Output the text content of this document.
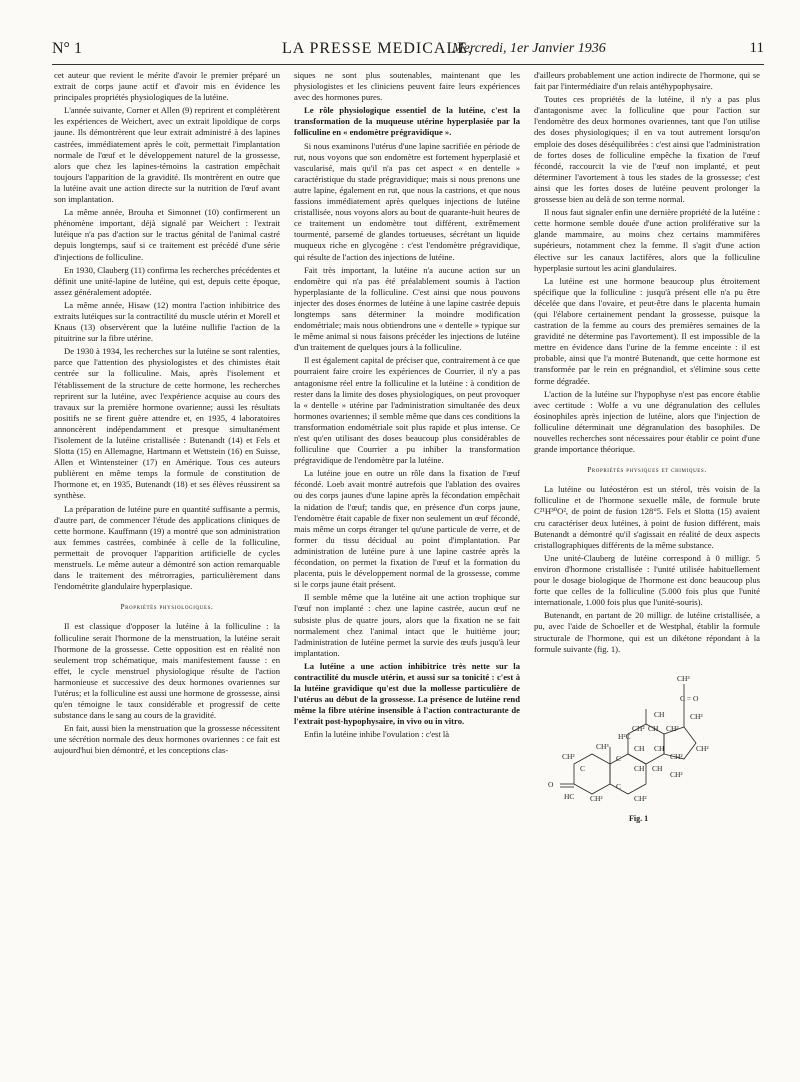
N° 1	LA PRESSE MEDICALE,
Mercredi, 1er Janvier 1936	11

cet auteur que revient le mérite d'avoir le premier préparé un extrait de corps jaune actif et d'avoir mis en évidence les principales propriétés physiologiques de la lutéine.

L'année suivante, Corner et Allen (9) reprirent et complétèrent les expériences de Weichert, avec un extrait lipoïdique de corps jaune. Ils démontrèrent que leur extrait administré à des lapines castrées, immédiatement après le coït, permettait l'implantation normale de l'œuf et le développement naturel de la grossesse, alors que chez les lapines-témoins la castration empêchait toujours l'apparition de la gravidité. Ils montrèrent en outre que la lutéine avait une action directe sur la nutrition de l'œuf avant son implantation.

La même année, Brouha et Simonnet (10) confirmerent un phénomène important, déjà signalé par Weichert : l'extrait lutéique n'a pas d'action sur le tractus génital de l'animal castré depuis longtemps, sauf si ce traitement est précédé d'une série d'injections de folliculine.

En 1930, Clauberg (11) confirma les recherches précédentes et définit une unité-lapine de lutéine, qui est, depuis cette époque, assez généralement adoptée.

La même année, Hisaw (12) montra l'action inhibitrice des extraits lutéiques sur la contractilité du muscle utérin et Morell et Knaus (13) observèrent que la lutéine nullifie l'action de la pituitrine sur la fibre utérine.

De 1930 à 1934, les recherches sur la lutéine se sont ralenties, parce que l'attention des physiologistes et des chimistes était centrée sur la folliculine. Mais, après l'isolement et l'établissement de la structure de cette hormone, les recherches reprirent sur la lutéine, avec l'expérience acquise au cours des travaux sur la première hormone ovarienne; aussi les résultats positifs ne se firent guère attendre et, en 1935, 4 laboratoires annoncèrent indépendamment et presque simultanément l'isolement de la lutéine cristallisée : Butenandt (14) et Fels et Slotta (15) en Allemagne, Hartmann et Wettstein (16) en Suisse, Allen et Wintensteiner (17) en Amérique. Tous ces auteurs publièrent en même temps la formule de constitution de l'hormone et, en 1935, Butenandt (18) et ses élèves réussirent sa synthèse.

La préparation de lutéine pure en quantité suffisante a permis, d'autre part, de commencer l'étude des applications cliniques de cette hormone. Kauffmann (19) a montré que son administration aux femmes castrées, combinée à celle de la folliculine, permettait de provoquer l'apparition artificielle de cycles menstruels. Le même auteur a démontré son action remarquable dans le traitement des métrorragies, particulièrement dans l'endométrite glandulaire hyperplasique.

Propriétés physiologiques.

Il est classique d'opposer la lutéine à la folliculine : la folliculine serait l'hormone de la menstruation, la lutéine serait l'hormone de la grossesse. Cette opposition est en réalité non seulement trop schématique, mais manifestement fausse : en effet, le cycle menstruel physiologique résulte de l'action harmonieuse et successive des deux hormones ovariennes sur l'utérus; et la folliculine est aussi une hormone de grossesse, ainsi qu'en témoigne le taux considérable et progressif de cette substance dans le sang au cours de la gravidité.

En fait, aussi bien la menstruation que la grossesse nécessitent une sécrétion normale des deux hormones ovariennes : ce fait est aujourd'hui bien démontré, et les conceptions clas-

siques ne sont plus soutenables, maintenant que les physiologistes et les cliniciens peuvent faire leurs expériences avec des hormones pures.

Le rôle physiologique essentiel de la lutéine, c'est la transformation de la muqueuse utérine hyperplasiée par la folliculine en « endomètre prégravidique ».

Si nous examinons l'utérus d'une lapine sacrifiée en période de rut, nous voyons que son endomètre est fortement hyperplasié et vascularisé, mais qu'il n'a pas cet aspect « en dentelle » caractéristique du stade prégravidique; mais si nous prenons une autre lapine, également en rut, que nous la castrions, et que nous fassions immédiatement après quelques injections de lutéine cristallisée, nous voyons alors au bout de quarante-huit heures de ce traitement un endomètre tout différent, extrêmement tourmenté, parsemé de glandes tortueuses, sécrétant un liquide muqueux riche en glycogène : c'est l'endomètre prégravidique, qui résulte de l'action des injections de lutéine.

Fait très important, la lutéine n'a aucune action sur un endomètre qui n'a pas été préalablement soumis à l'action hyperplasiante de la folliculine. C'est ainsi que nous pouvons injecter des doses énormes de lutéine à une lapine castrée depuis longtemps sans déterminer la moindre modification endométriale; mais nous obtiendrons une « dentelle » typique sur le même animal si nous faisons précéder les injections de lutéine d'un traitement de quelques jours à la folliculine.

Il est également capital de préciser que, contrairement à ce que pourraient faire croire les expériences de Courrier, il n'y a pas antagonisme réel entre la folliculine et la lutéine : à condition de rester dans la limite des doses physiologiques, on peut provoquer la « dentelle » utérine par l'administration simultanée des deux hormones ovariennes; il semble même que dans ces conditions la transformation endométriale soit plus rapide et plus intense. Ce n'est qu'en utilisant des doses beaucoup plus considérables de folliculine que Courrier a pu inhiber la transformation prégravidique de l'endomètre par la lutéine.

La lutéine joue en outre un rôle dans la fixation de l'œuf fécondé. Loeb avait montré autrefois que l'ablation des ovaires ou des corps jaunes d'une lapine après la fécondation empêchait la nidation de l'œuf; tandis que, en présence d'un corps jaune, l'endomètre était capable de fixer non seulement un œuf fécondé, mais même un corps étranger tel qu'une particule de verre, et de former du tissu décidual au point d'implantation. Par administration de lutéine pure à une lapine castrée après la fécondation, on permet la fixation de l'œuf et la formation du placenta, puis le développement normal de la grossesse, comme si le corps jaune était présent.

Il semble même que la lutéine ait une action trophique sur l'œuf non implanté : chez une lapine castrée, aucun œuf ne subsiste plus de quatre jours, alors que la fixation ne se fait normalement chez l'animal intact que le huitième jour; l'administration de lutéine permet la survie des œufs jusqu'à leur implantation.

La lutéine a une action inhibitrice très nette sur la contractilité du muscle utérin, et aussi sur sa tonicité : c'est à la lutéine gravidique qu'est due la mollesse particulière de l'utérus au début de la grossesse. La présence de lutéine rend même la fibre utérine insensible à l'action contracturante de l'extrait post-hypophysaire, in vivo ou in vitro.

Enfin la lutéine inhibe l'ovulation : c'est là

d'ailleurs probablement une action indirecte de l'hormone, qui se fait par l'intermédiaire d'un relais antéhypophysaire.

Toutes ces propriétés de la lutéine, il n'y a pas plus d'antagonisme avec la folliculine que pour l'action sur l'endomètre des deux hormones ovariennes, tant que l'on utilise des doses physiologiques; il en va tout autrement lorsqu'on emploie des doses déséquilibrées : c'est ainsi que l'administration de fortes doses de folliculine empêche la fixation de l'œuf fécondé, raccourcit la vie de l'œuf non implanté, et peut déterminer l'avortement à tous les stades de la grossesse; c'est ainsi que les fortes doses de lutéine peuvent prolonger la grossesse bien au delà de son terme normal.

Il nous faut signaler enfin une dernière propriété de la lutéine : cette hormone semble douée d'une action proliférative sur la glande mammaire, au moins chez certains mammifères supérieurs, notamment chez la femme. Il s'agit d'une action élective sur les canaux lactifères, alors que la folliculine hyperplasie surtout les acini glandulaires.

La lutéine est une hormone beaucoup plus étroitement spécifique que la folliculine : jusqu'à présent elle n'a pu être décelée que dans l'ovaire, et peut-être dans le placenta humain (qui l'élabore certainement pendant la grossesse, puisque la castration de la femme au cours des premières semaines de la gravidité ne détermine pas l'avortement). Il est impossible de la mettre en évidence dans l'urine de la femme enceinte : il est probable, ainsi que l'a montré Butenandt, que cette hormone est transformée par le rein en prégnandiol, et s'élimine sous cette forme dégradée.

L'action de la lutéine sur l'hypophyse n'est pas encore établie avec certitude : Wolfe a vu une dégranulation des cellules éosinophiles après injection de lutéine, alors que l'injection de folliculine déterminait une dégranulation des basophiles. De nouvelles recherches sont nécessaires pour établir ce point d'une grande importance théorique.

Propriétés physiques et chimiques.

La lutéine ou lutéostéron est un stérol, très voisin de la folliculine et de l'hormone sexuelle mâle, de formule brute C²¹H³⁰O², de point de fusion 128°5. Fels et Slotta (15) avaient cru caractériser deux lutéines, à point de fusion différent, mais Butenandt a démontré qu'il s'agissait en réalité de deux aspects cristallographiques différents de la même substance.

Une unité-Clauberg de lutéine correspond à 0 milligr. 5 environ d'hormone cristallisée : l'unité utilisée habituellement pour le dosage biologique de l'hormone est donc beaucoup plus forte que celles de la folliculine (5.000 fois plus que l'unité internationale, 1.000 fois plus que l'unité-souris).

Butenandt, en partant de 20 milligr. de lutéine cristallisée, a pu, avec l'aide de Schoeller et de Westphal, établir la formule structurale de l'hormone, qui est un dikétone répondant à la formule suivante (fig. 1).

CH³
C = O
CH³
CH
H²C
CH² CH CH²
CH³	CH²
CH CH
CH²
C
CH CH
CH²
CH²
O
C
CH²
HC
C
CH²
Fig. 1
